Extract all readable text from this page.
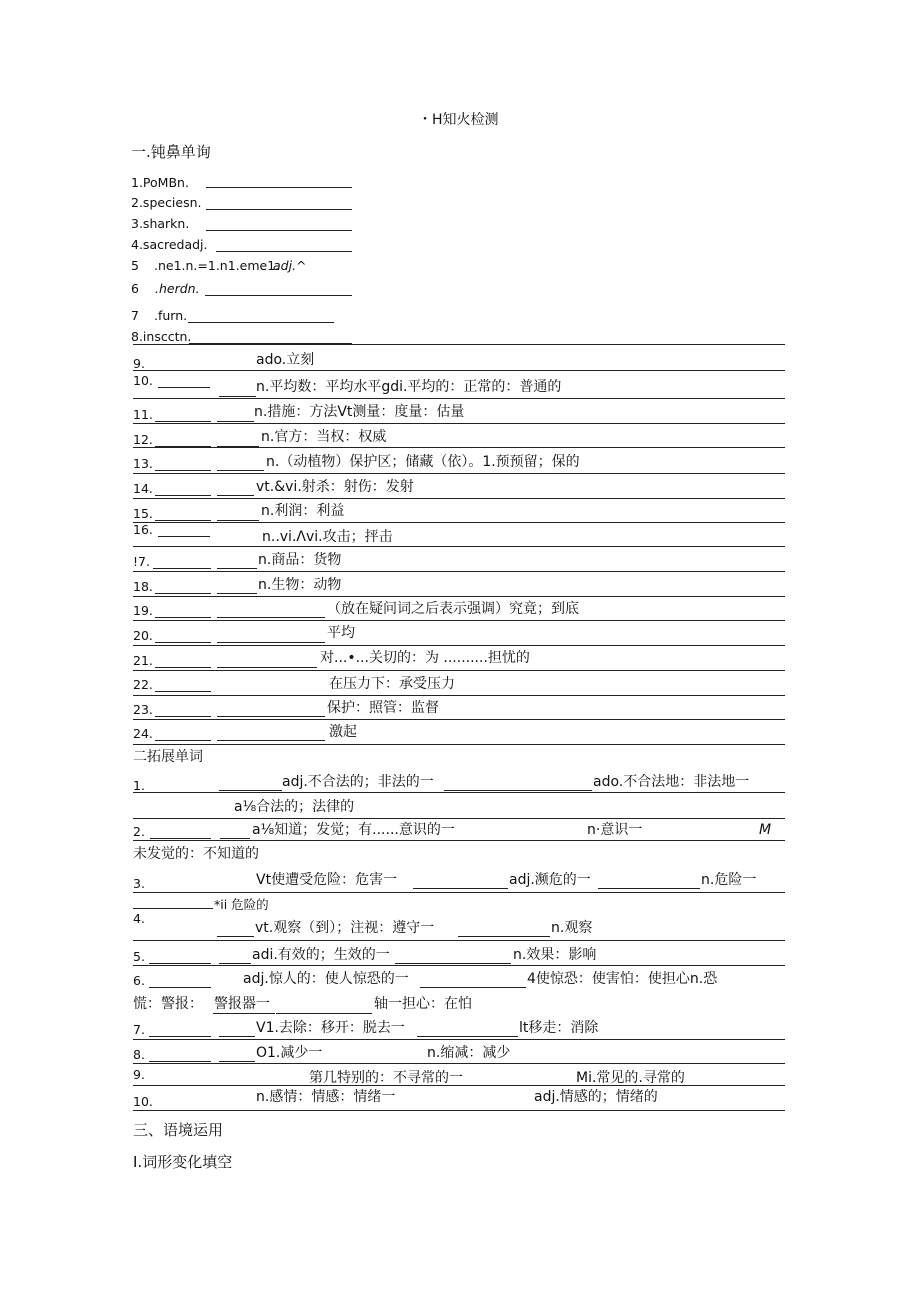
・H知火检测
一.钝鼻单询
1.PoMBn.
2.speciesn.
3.sharkn.
4.sacredadj.
5 .ne1.n.=1.n1.eme1.
adj.^
6 .herdn.
7 .furn.
8.inscctn.
9.	ado.立刻
10.	n.平均数：平均水平gdi.平均的：正常的：普通的
11.	n.措施：方法Vt测量：度量：估量
12.	n.官方：当权：权威
13.	n.（动植物）保护区；储藏（依）。1.预预留；保的
14.	vt.&vi.射杀：射伤：发射
15.	n.利润：利益
16.	n..vi.Λvi.攻击；抨击
!7.	n.商品：货物
18.	n.生物：动物
19.	（放在疑问词之后表示强调）究竟；到底
20.	平均
21.	对...•...关切的：为 ..........担忧的
22.	在压力下：承受压力
23.	保护：照管：监督
24.	激起
二拓展单词
1.	adj.不合法的；非法的一	ado.不合法地：非法地一
a⅛合法的；法律的
2.	a⅛知道；发觉；有......意识的一	n·意识一	M
未发觉的：不知道的
3.	Vt使遭受危险：危害一	adj.濒危的一	n.危险一
*ii 危险的
4.
vt.观察（到）；注视：遵守一	n.观察
5.	adi.有效的；生效的一	n.效果：影响
6.	adj.惊人的：使人惊恐的一	4使惊恐：使害怕：使担心n.恐
慌：警报： 警报器一	轴一担心：在怕
7.	V1.去除：移开：脱去一	lt移走：消除
8.	O1.减少一	n.缩减：减少
9.	第几特别的：不寻常的一	Mi.常见的.寻常的
10.	n.感情：情感：情绪一	adj.情感的；情绪的
三、语境运用
I.词形变化填空
